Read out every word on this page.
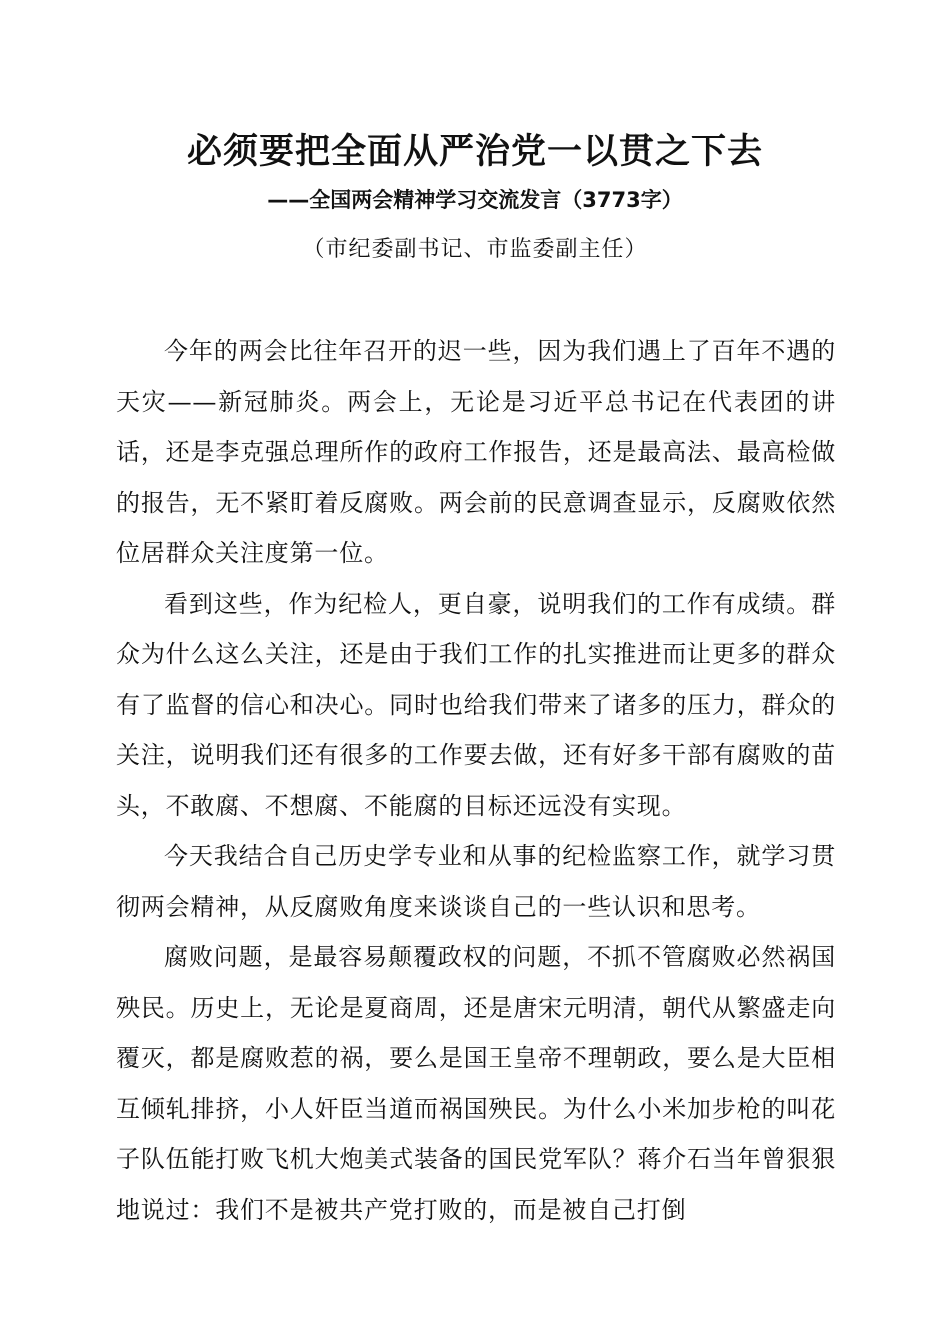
必须要把全面从严治党一以贯之下去
——全国两会精神学习交流发言（3773字）
（市纪委副书记、市监委副主任）

今年的两会比往年召开的迟一些，因为我们遇上了百年不遇的天灾——新冠肺炎。两会上，无论是习近平总书记在代表团的讲话，还是李克强总理所作的政府工作报告，还是最高法、最高检做的报告，无不紧盯着反腐败。两会前的民意调查显示，反腐败依然位居群众关注度第一位。

看到这些，作为纪检人，更自豪，说明我们的工作有成绩。群众为什么这么关注，还是由于我们工作的扎实推进而让更多的群众有了监督的信心和决心。同时也给我们带来了诸多的压力，群众的关注，说明我们还有很多的工作要去做，还有好多干部有腐败的苗头，不敢腐、不想腐、不能腐的目标还远没有实现。

今天我结合自己历史学专业和从事的纪检监察工作，就学习贯彻两会精神，从反腐败角度来谈谈自己的一些认识和思考。

腐败问题，是最容易颠覆政权的问题，不抓不管腐败必然祸国殃民。历史上，无论是夏商周，还是唐宋元明清，朝代从繁盛走向覆灭，都是腐败惹的祸，要么是国王皇帝不理朝政，要么是大臣相互倾轧排挤，小人奸臣当道而祸国殃民。为什么小米加步枪的叫花子队伍能打败飞机大炮美式装备的国民党军队？蒋介石当年曾狠狠地说过：我们不是被共产党打败的，而是被自己打倒
